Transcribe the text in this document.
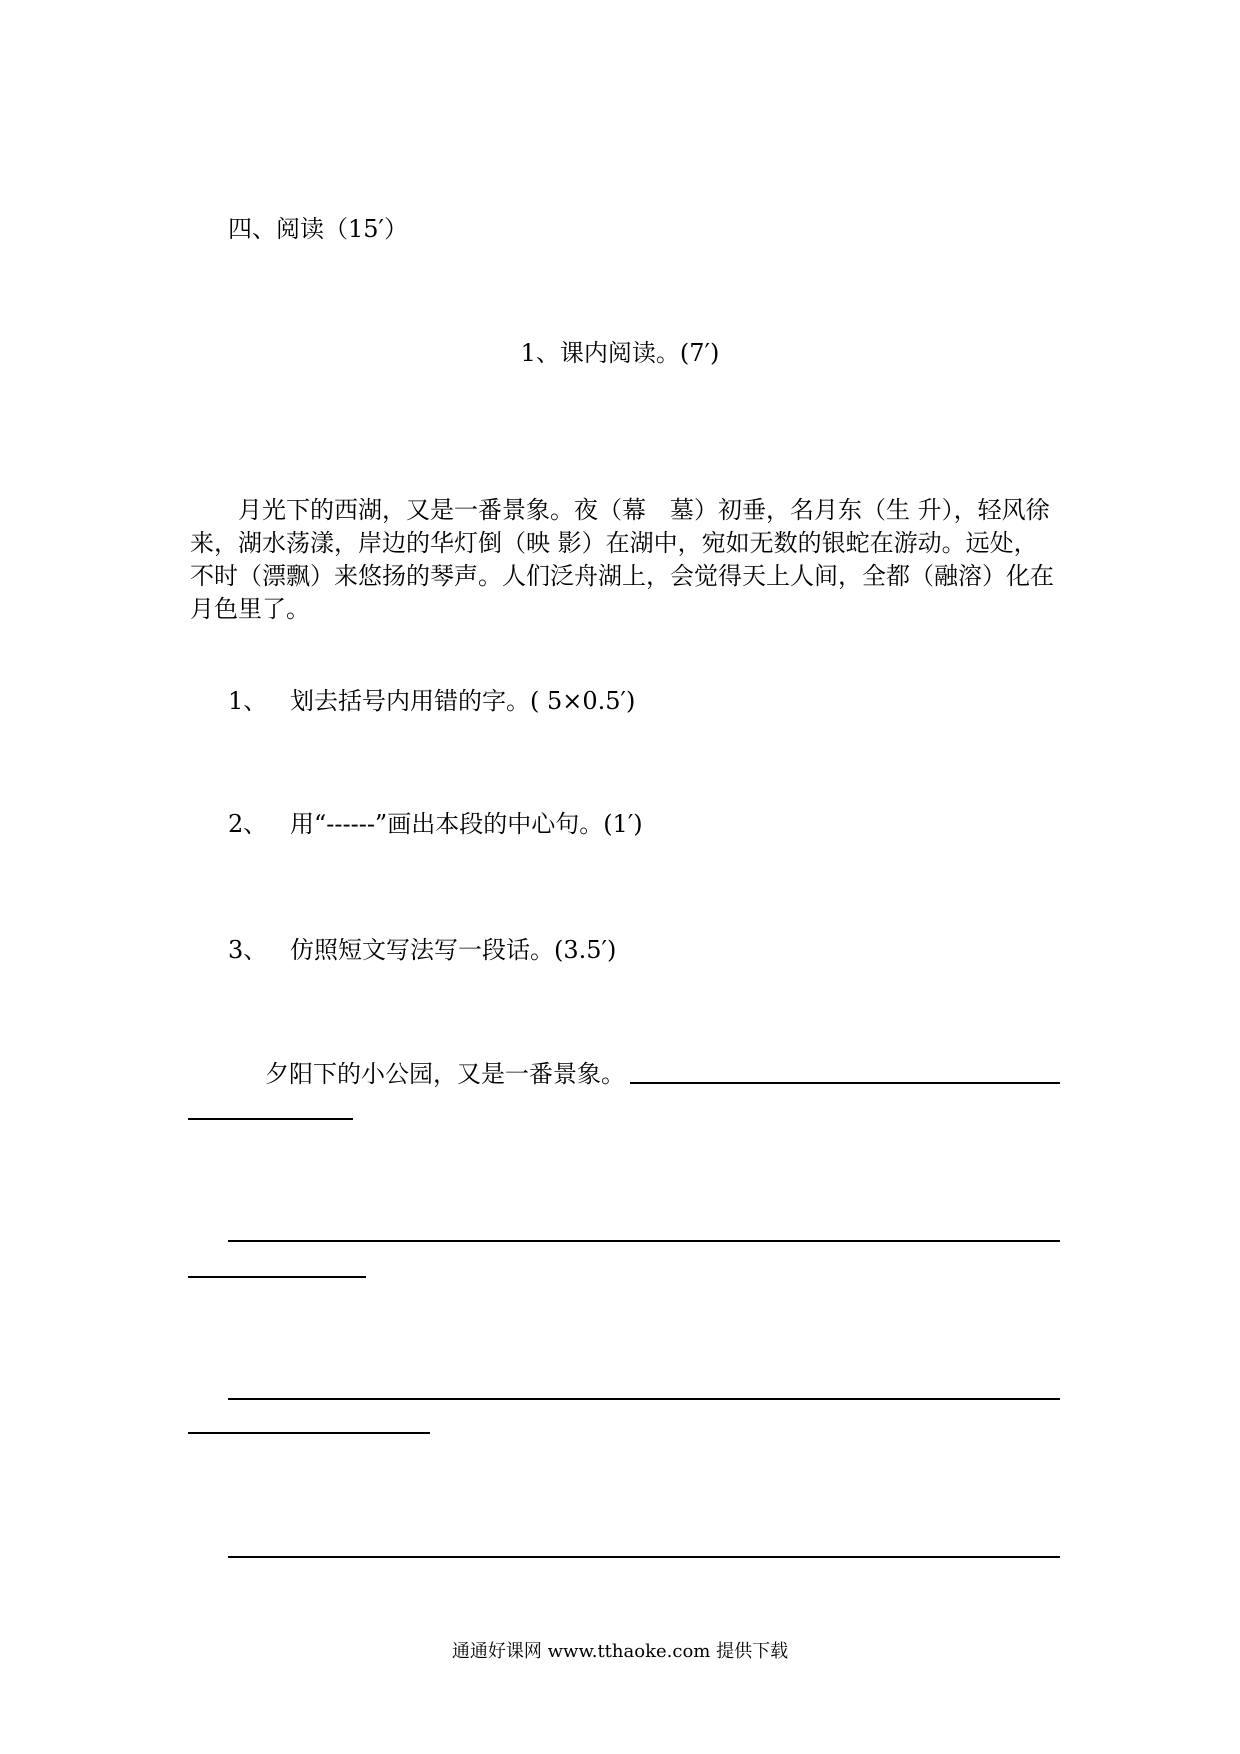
四、阅读（15′）
1、课内阅读。(7′)
月光下的西湖，又是一番景象。夜（幕　墓）初垂，名月东（生 升），轻风徐来，湖水荡漾，岸边的华灯倒（映 影）在湖中，宛如无数的银蛇在游动。远处，不时（漂飘）来悠扬的琴声。人们泛舟湖上，会觉得天上人间，全都（融溶）化在月色里了。
1、 划去括号内用错的字。( 5×0.5′)
2、 用“------”画出本段的中心句。(1′)
3、 仿照短文写法写一段话。(3.5′)
夕阳下的小公园，又是一番景象。
通通好课网 www.tthaoke.com 提供下载
